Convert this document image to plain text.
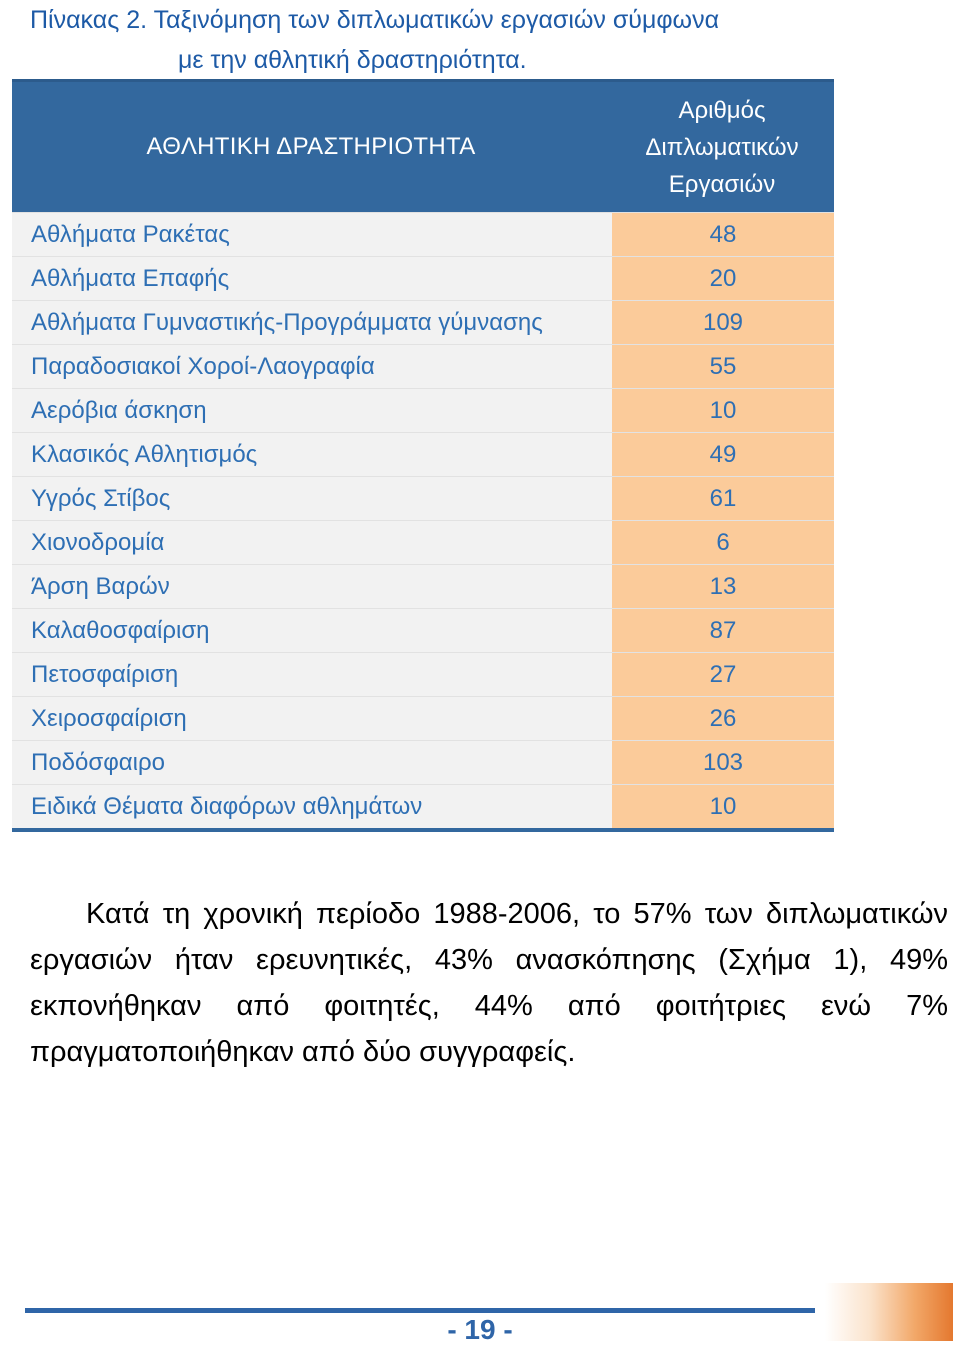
Πίνακας 2. Ταξινόμηση των διπλωματικών εργασιών σύμφωνα
με την αθλητική δραστηριότητα.
ΑΘΛΗΤΙΚΗ ΔΡΑΣΤΗΡΙΟΤΗΤΑ
Αριθμός
Διπλωματικών
Εργασιών
Αθλήματα Ρακέτας	48
Αθλήματα Επαφής	20
Αθλήματα Γυμναστικής-Προγράμματα γύμνασης	109
Παραδοσιακοί Χοροί-Λαογραφία	55
Αερόβια άσκηση	10
Κλασικός Αθλητισμός	49
Υγρός Στίβος	61
Χιονοδρομία	6
Άρση Βαρών	13
Καλαθοσφαίριση	87
Πετοσφαίριση	27
Χειροσφαίριση	26
Ποδόσφαιρο	103
Ειδικά Θέματα διαφόρων αθλημάτων	10

Κατά τη χρονική περίοδο 1988-2006, το 57% των διπλωματικών εργασιών ήταν ερευνητικές, 43% ανασκόπησης (Σχήμα 1), 49% εκπονήθηκαν από φοιτητές, 44% από φοιτήτριες ενώ 7% πραγματοποιήθηκαν από δύο συγγραφείς.

- 19 -
